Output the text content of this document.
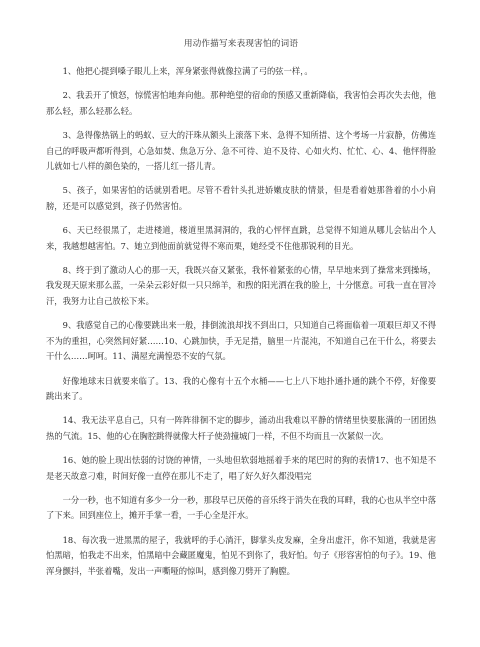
用动作描写来表现害怕的词语
1、他把心提到嗓子眼儿上来，浑身紧张得就像拉满了弓的弦一样，。
2、我丢开了愤怒，惊慌害怕地奔向他。那种绝望的宿命的预感又重新降临，我害怕会再次失去他，他那么轻，那么轻那么轻。
3、急得像热锅上的蚂蚁、豆大的汗珠从额头上滚落下来、急得不知所措、这个考场一片寂静，仿佛连自己的呼吸声都听得到，心急如焚、焦急万分、急不可待、迫不及待、心如火灼、忙忙、心、4、他怦得脸儿就如七八样的颜色染的，一搭儿红一搭儿青。
5、孩子，如果害怕的话就别看吧。尽管不看针头扎进娇嫩皮肤的情景，但是看着她那昝着的小小肩膀，还是可以感觉到，孩子仍然害怕。
6、天已经很黑了，走进楼道，楼道里黑洞洞的，我的心怦怦直跳，总觉得不知道从哪儿会钻出个人来，我越想越害怕。7、她立到他面前就觉得不寒而栗，她经受不住他那锐利的目光。
8、终于到了激动人心的那一天，我既兴奋又紧张，我怀着紧张的心情，早早地来到了操常来到操场，我发现天原来那么蓝，一朵朵云彩好似一只只绵羊，和煦的阳光洒在我的脸上，十分惬意。可我一直在冒冷汗，我努力让自己放松下来。
9、我感觉自己的心像要跳出来一般，排倒流浪却找不到出口，只知道自己将面临着一项艰巨却又不得不为的重担，心突然间好紧……10、心跳加快，手无足措，脑里一片混沌，不知道自己在干什么，将要去干什么……呵呵。11、满屋充满惶恐不安的气氛。
好像地球末日就要来临了。13、我的心像有十五个水桶——七上八下地扑通扑通的跳个不停，好像要跳出来了。
14、我无法平息自己，只有一阵阵徘徊不定的脚步，涌动出我难以平静的情绪里快要胀满的一团团热热的气流。15、他的心在胸腔跳得就像大杆子使劲撞城门一样，不但不均而且一次紧似一次。
16、她的脸上现出怯弱的讨饶的神情，一头地但软弱地摇着手来的尾巴时的狗的表情17、也不知是不是老天故意刁难，时间好像一直停在那儿不走了，唱了好久好久都没唱完
一分一秒，也不知道有多少一分一秒，那段早已厌倦的音乐终于消失在我的耳畔，我的心也从半空中落了下来。回到座位上，摊开手掌一看，一手心全是汗水。
18、每次我一进黑黑的屋子，我就呼的手心淌汗，脚掌头皮发麻，全身出虚汗，你不知道，我就是害怕黑暗，怕我走不出来，怕黑暗中会藏匿魔鬼，怕见不到你了，我好怕。句子《形容害怕的句子》。19、他浑身颤抖，半张着嘴，发出一声嘶哑的惊叫，感到像刀劈开了胸膛。
